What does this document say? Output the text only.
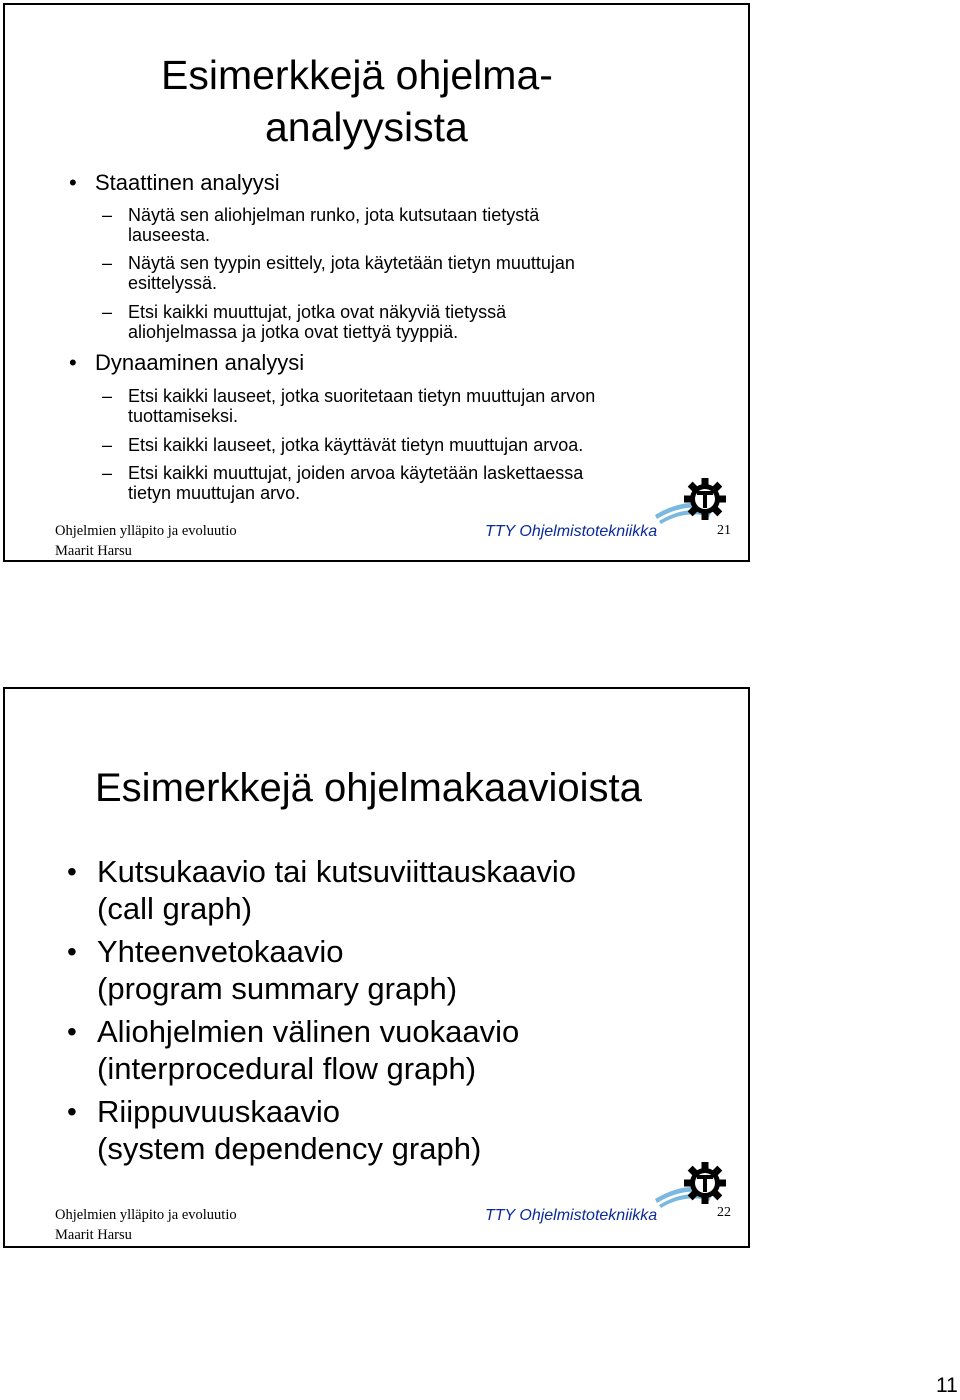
Esimerkkejä ohjelma-
analyysista
• Staattinen analyysi
– Näytä sen aliohjelman runko, jota kutsutaan tietystä
lauseesta.
– Näytä sen tyypin esittely, jota käytetään tietyn muuttujan
esittelyssä.
– Etsi kaikki muuttujat, jotka ovat näkyviä tietyssä
aliohjelmassa ja jotka ovat tiettyä tyyppiä.
• Dynaaminen analyysi
– Etsi kaikki lauseet, jotka suoritetaan tietyn muuttujan arvon
tuottamiseksi.
– Etsi kaikki lauseet, jotka käyttävät tietyn muuttujan arvoa.
– Etsi kaikki muuttujat, joiden arvoa käytetään laskettaessa
tietyn muuttujan arvo.
Ohjelmien ylläpito ja evoluutio
Maarit Harsu
TTY Ohjelmistotekniikka	21
Esimerkkejä ohjelmakaavioista
• Kutsukaavio tai kutsuviittauskaavio
(call graph)
• Yhteenvetokaavio
(program summary graph)
• Aliohjelmien välinen vuokaavio
(interprocedural flow graph)
• Riippuvuuskaavio
(system dependency graph)
Ohjelmien ylläpito ja evoluutio
Maarit Harsu
TTY Ohjelmistotekniikka	22
11
